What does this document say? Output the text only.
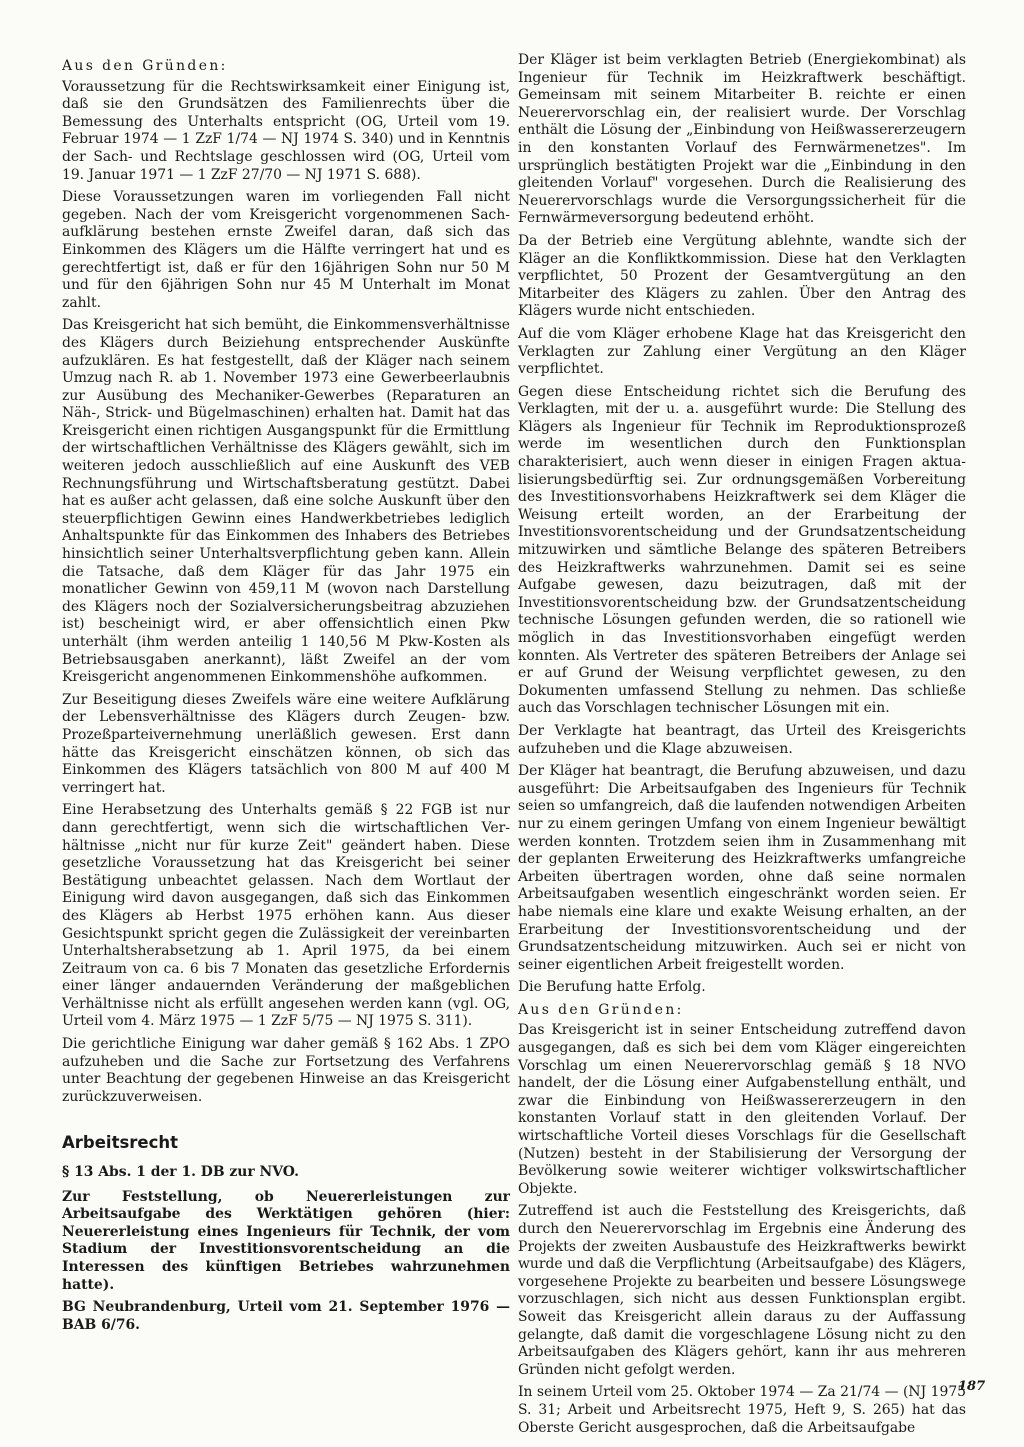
Aus den Gründen:

Voraussetzung für die Rechtswirksamkeit einer Einigung ist, daß sie den Grundsätzen des Familienrechts über die Bemessung des Unterhalts entspricht (OG, Urteil vom 19. Februar 1974 — 1 ZzF 1/74 — NJ 1974 S. 340) und in Kenntnis der Sach- und Rechtslage geschlossen wird (OG, Urteil vom 19. Januar 1971 — 1 ZzF 27/70 — NJ 1971 S. 688).

Diese Voraussetzungen waren im vorliegenden Fall nicht gegeben. Nach der vom Kreisgericht vorgenommenen Sachaufklärung bestehen ernste Zweifel daran, daß sich das Einkommen des Klägers um die Hälfte verringert hat und es gerechtfertigt ist, daß er für den 16jährigen Sohn nur 50 M und für den 6jährigen Sohn nur 45 M Unterhalt im Monat zahlt.

Das Kreisgericht hat sich bemüht, die Einkommensverhältnisse des Klägers durch Beiziehung entsprechender Auskünfte aufzuklären. Es hat festgestellt, daß der Kläger nach seinem Umzug nach R. ab 1. November 1973 eine Gewerbeerlaubnis zur Ausübung des Mechaniker-Gewerbes (Reparaturen an Näh-, Strick- und Bügelmaschinen) erhalten hat. Damit hat das Kreisgericht einen richtigen Ausgangspunkt für die Ermittlung der wirtschaftlichen Verhältnisse des Klägers gewählt, sich im weiteren jedoch ausschließlich auf eine Auskunft des VEB Rechnungsführung und Wirtschaftsberatung gestützt. Dabei hat es außer acht gelassen, daß eine solche Auskunft über den steuerpflichtigen Gewinn eines Handwerkbetriebes lediglich Anhaltspunkte für das Einkommen des Inhabers des Betriebes hinsichtlich seiner Unterhaltsverpflichtung geben kann. Allein die Tatsache, daß dem Kläger für das Jahr 1975 ein monatlicher Gewinn von 459,11 M (wovon nach Darstellung des Klägers noch der Sozialversicherungsbeitrag abzuziehen ist) bescheinigt wird, er aber offensichtlich einen Pkw unterhält (ihm werden anteilig 1 140,56 M Pkw-Kosten als Betriebsausgaben anerkannt), läßt Zweifel an der vom Kreisgericht angenommenen Einkommenshöhe aufkommen.

Zur Beseitigung dieses Zweifels wäre eine weitere Aufklärung der Lebensverhältnisse des Klägers durch Zeugen- bzw. Prozeßparteivernehmung unerläßlich gewesen. Erst dann hätte das Kreisgericht einschätzen können, ob sich das Einkommen des Klägers tatsächlich von 800 M auf 400 M verringert hat.

Eine Herabsetzung des Unterhalts gemäß § 22 FGB ist nur dann gerechtfertigt, wenn sich die wirtschaftlichen Verhältnisse „nicht nur für kurze Zeit" geändert haben. Diese gesetzliche Voraussetzung hat das Kreisgericht bei seiner Bestätigung unbeachtet gelassen. Nach dem Wortlaut der Einigung wird davon ausgegangen, daß sich das Einkommen des Klägers ab Herbst 1975 erhöhen kann. Aus dieser Gesichtspunkt spricht gegen die Zulässigkeit der vereinbarten Unterhaltsherabsetzung ab 1. April 1975, da bei einem Zeitraum von ca. 6 bis 7 Monaten das gesetzliche Erfordernis einer länger andauernden Veränderung der maßgeblichen Verhältnisse nicht als erfüllt angesehen werden kann (vgl. OG, Urteil vom 4. März 1975 — 1 ZzF 5/75 — NJ 1975 S. 311).

Die gerichtliche Einigung war daher gemäß § 162 Abs. 1 ZPO aufzuheben und die Sache zur Fortsetzung des Verfahrens unter Beachtung der gegebenen Hinweise an das Kreisgericht zurückzuverweisen.

Arbeitsrecht

§ 13 Abs. 1 der 1. DB zur NVO.

Zur Feststellung, ob Neuererleistungen zur Arbeitsaufgabe des Werktätigen gehören (hier: Neuererleistung eines Ingenieurs für Technik, der vom Stadium der Investitionsvorentscheidung an die Interessen des künftigen Betriebes wahrzunehmen hatte).

BG Neubrandenburg, Urteil vom 21. September 1976 — BAB 6/76.

Der Kläger ist beim verklagten Betrieb (Energiekombinat) als Ingenieur für Technik im Heizkraftwerk beschäftigt. Gemeinsam mit seinem Mitarbeiter B. reichte er einen Neuerervorschlag ein, der realisiert wurde. Der Vorschlag enthält die Lösung der „Einbindung von Heißwassererzeugern in den konstanten Vorlauf des Fernwärmenetzes". Im ursprünglich bestätigten Projekt war die „Einbindung in den gleitenden Vorlauf" vorgesehen. Durch die Realisierung des Neuerervorschlags wurde die Versorgungssicherheit für die Fernwärmeversorgung bedeutend erhöht.

Da der Betrieb eine Vergütung ablehnte, wandte sich der Kläger an die Konfliktkommission. Diese hat den Verklagten verpflichtet, 50 Prozent der Gesamtvergütung an den Mitarbeiter des Klägers zu zahlen. Über den Antrag des Klägers wurde nicht entschieden.

Auf die vom Kläger erhobene Klage hat das Kreisgericht den Verklagten zur Zahlung einer Vergütung an den Kläger verpflichtet.

Gegen diese Entscheidung richtet sich die Berufung des Verklagten, mit der u. a. ausgeführt wurde: Die Stellung des Klägers als Ingenieur für Technik im Reproduktionsprozeß werde im wesentlichen durch den Funktionsplan charakterisiert, auch wenn dieser in einigen Fragen aktualisierungsbedürftig sei. Zur ordnungsgemäßen Vorbereitung des Investitionsvorhabens Heizkraftwerk sei dem Kläger die Weisung erteilt worden, an der Erarbeitung der Investitionsvorentscheidung und der Grundsatzentscheidung mitzuwirken und sämtliche Belange des späteren Betreibers des Heizkraftwerks wahrzunehmen. Damit sei es seine Aufgabe gewesen, dazu beizutragen, daß mit der Investitionsvorentscheidung bzw. der Grundsatzentscheidung technische Lösungen gefunden werden, die so rationell wie möglich in das Investitionsvorhaben eingefügt werden konnten. Als Vertreter des späteren Betreibers der Anlage sei er auf Grund der Weisung verpflichtet gewesen, zu den Dokumenten umfassend Stellung zu nehmen. Das schließe auch das Vorschlagen technischer Lösungen mit ein.

Der Verklagte hat beantragt, das Urteil des Kreisgerichts aufzuheben und die Klage abzuweisen.

Der Kläger hat beantragt, die Berufung abzuweisen, und dazu ausgeführt: Die Arbeitsaufgaben des Ingenieurs für Technik seien so umfangreich, daß die laufenden notwendigen Arbeiten nur zu einem geringen Umfang von einem Ingenieur bewältigt werden konnten. Trotzdem seien ihm in Zusammenhang mit der geplanten Erweiterung des Heizkraftwerks umfangreiche Arbeiten übertragen worden, ohne daß seine normalen Arbeitsaufgaben wesentlich eingeschränkt worden seien. Er habe niemals eine klare und exakte Weisung erhalten, an der Erarbeitung der Investitionsvorentscheidung und der Grundsatzentscheidung mitzuwirken. Auch sei er nicht von seiner eigentlichen Arbeit freigestellt worden.

Die Berufung hatte Erfolg.

Aus den Gründen:

Das Kreisgericht ist in seiner Entscheidung zutreffend davon ausgegangen, daß es sich bei dem vom Kläger eingereichten Vorschlag um einen Neuerervorschlag gemäß § 18 NVO handelt, der die Lösung einer Aufgabenstellung enthält, und zwar die Einbindung von Heißwassererzeugern in den konstanten Vorlauf statt in den gleitenden Vorlauf. Der wirtschaftliche Vorteil dieses Vorschlags für die Gesellschaft (Nutzen) besteht in der Stabilisierung der Versorgung der Bevölkerung sowie weiterer wichtiger volkswirtschaftlicher Objekte.

Zutreffend ist auch die Feststellung des Kreisgerichts, daß durch den Neuerervorschlag im Ergebnis eine Änderung des Projekts der zweiten Ausbaustufe des Heizkraftwerks bewirkt wurde und daß die Verpflichtung (Arbeitsaufgabe) des Klägers, vorgesehene Projekte zu bearbeiten und bessere Lösungswege vorzuschlagen, sich nicht aus dessen Funktionsplan ergibt. Soweit das Kreisgericht allein daraus zu der Auffassung gelangte, daß damit die vorgeschlagene Lösung nicht zu den Arbeitsaufgaben des Klägers gehört, kann ihr aus mehreren Gründen nicht gefolgt werden.

In seinem Urteil vom 25. Oktober 1974 — Za 21/74 — (NJ 1975 S. 31; Arbeit und Arbeitsrecht 1975, Heft 9, S. 265) hat das Oberste Gericht ausgesprochen, daß die Arbeitsaufgabe

187
